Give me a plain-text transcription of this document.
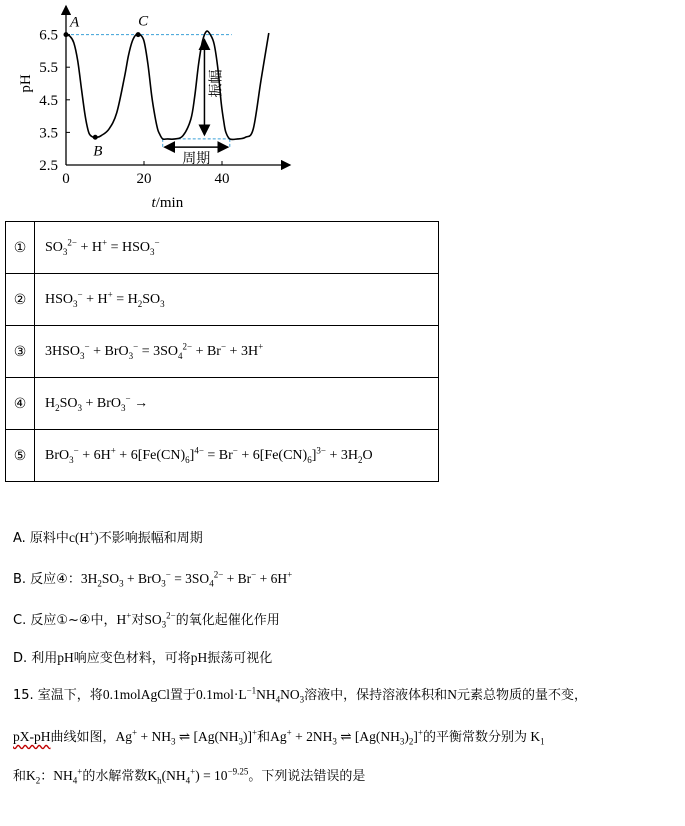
2.5
3.5
4.5
5.5
6.5
0	20	40
pH
t/min
A
B
C
振幅
周期
①	$SO_3^{2-} + H^+ = HSO_3^-$
②	$HSO_3^- + H^+ = H_2SO_3$
③	$3HSO_3^- + BrO_3^- = 3SO_4^{2-} + Br^- + 3H^+$
④	$H_2SO_3 + BrO_3^-$ →
⑤	$BrO_3^- + 6H^+ + 6[Fe(CN)_6]^{4-} = Br^- + 6[Fe(CN)_6]^{3-} + 3H_2O$
A. 原料中c(H+)不影响振幅和周期
B. 反应④：$3H_2SO_3 + BrO_3^- = 3SO_4^{2-} + Br^- + 6H^+$
C. 反应①~④中，H+对$SO_3^{2-}$的氧化起催化作用
D. 利用pH响应变色材料，可将pH振荡可视化
15. 室温下，将0.1molAgCl置于$0.1mol\cdot L^{-1}NH_4NO_3$溶液中，保持溶液体积和N元素总物质的量不变，
pX-pH曲线如图，$Ag^+ + NH_3$ ⇌ $[Ag(NH_3)]^+$和$Ag^+ + 2NH_3$ ⇌ $[Ag(NH_3)_2]^+$的平衡常数分别为 $K_1$
和$K_2$：$NH_4^+$的水解常数$K_h(NH_4^+) = 10^{-9.25}$。下列说法错误的是
